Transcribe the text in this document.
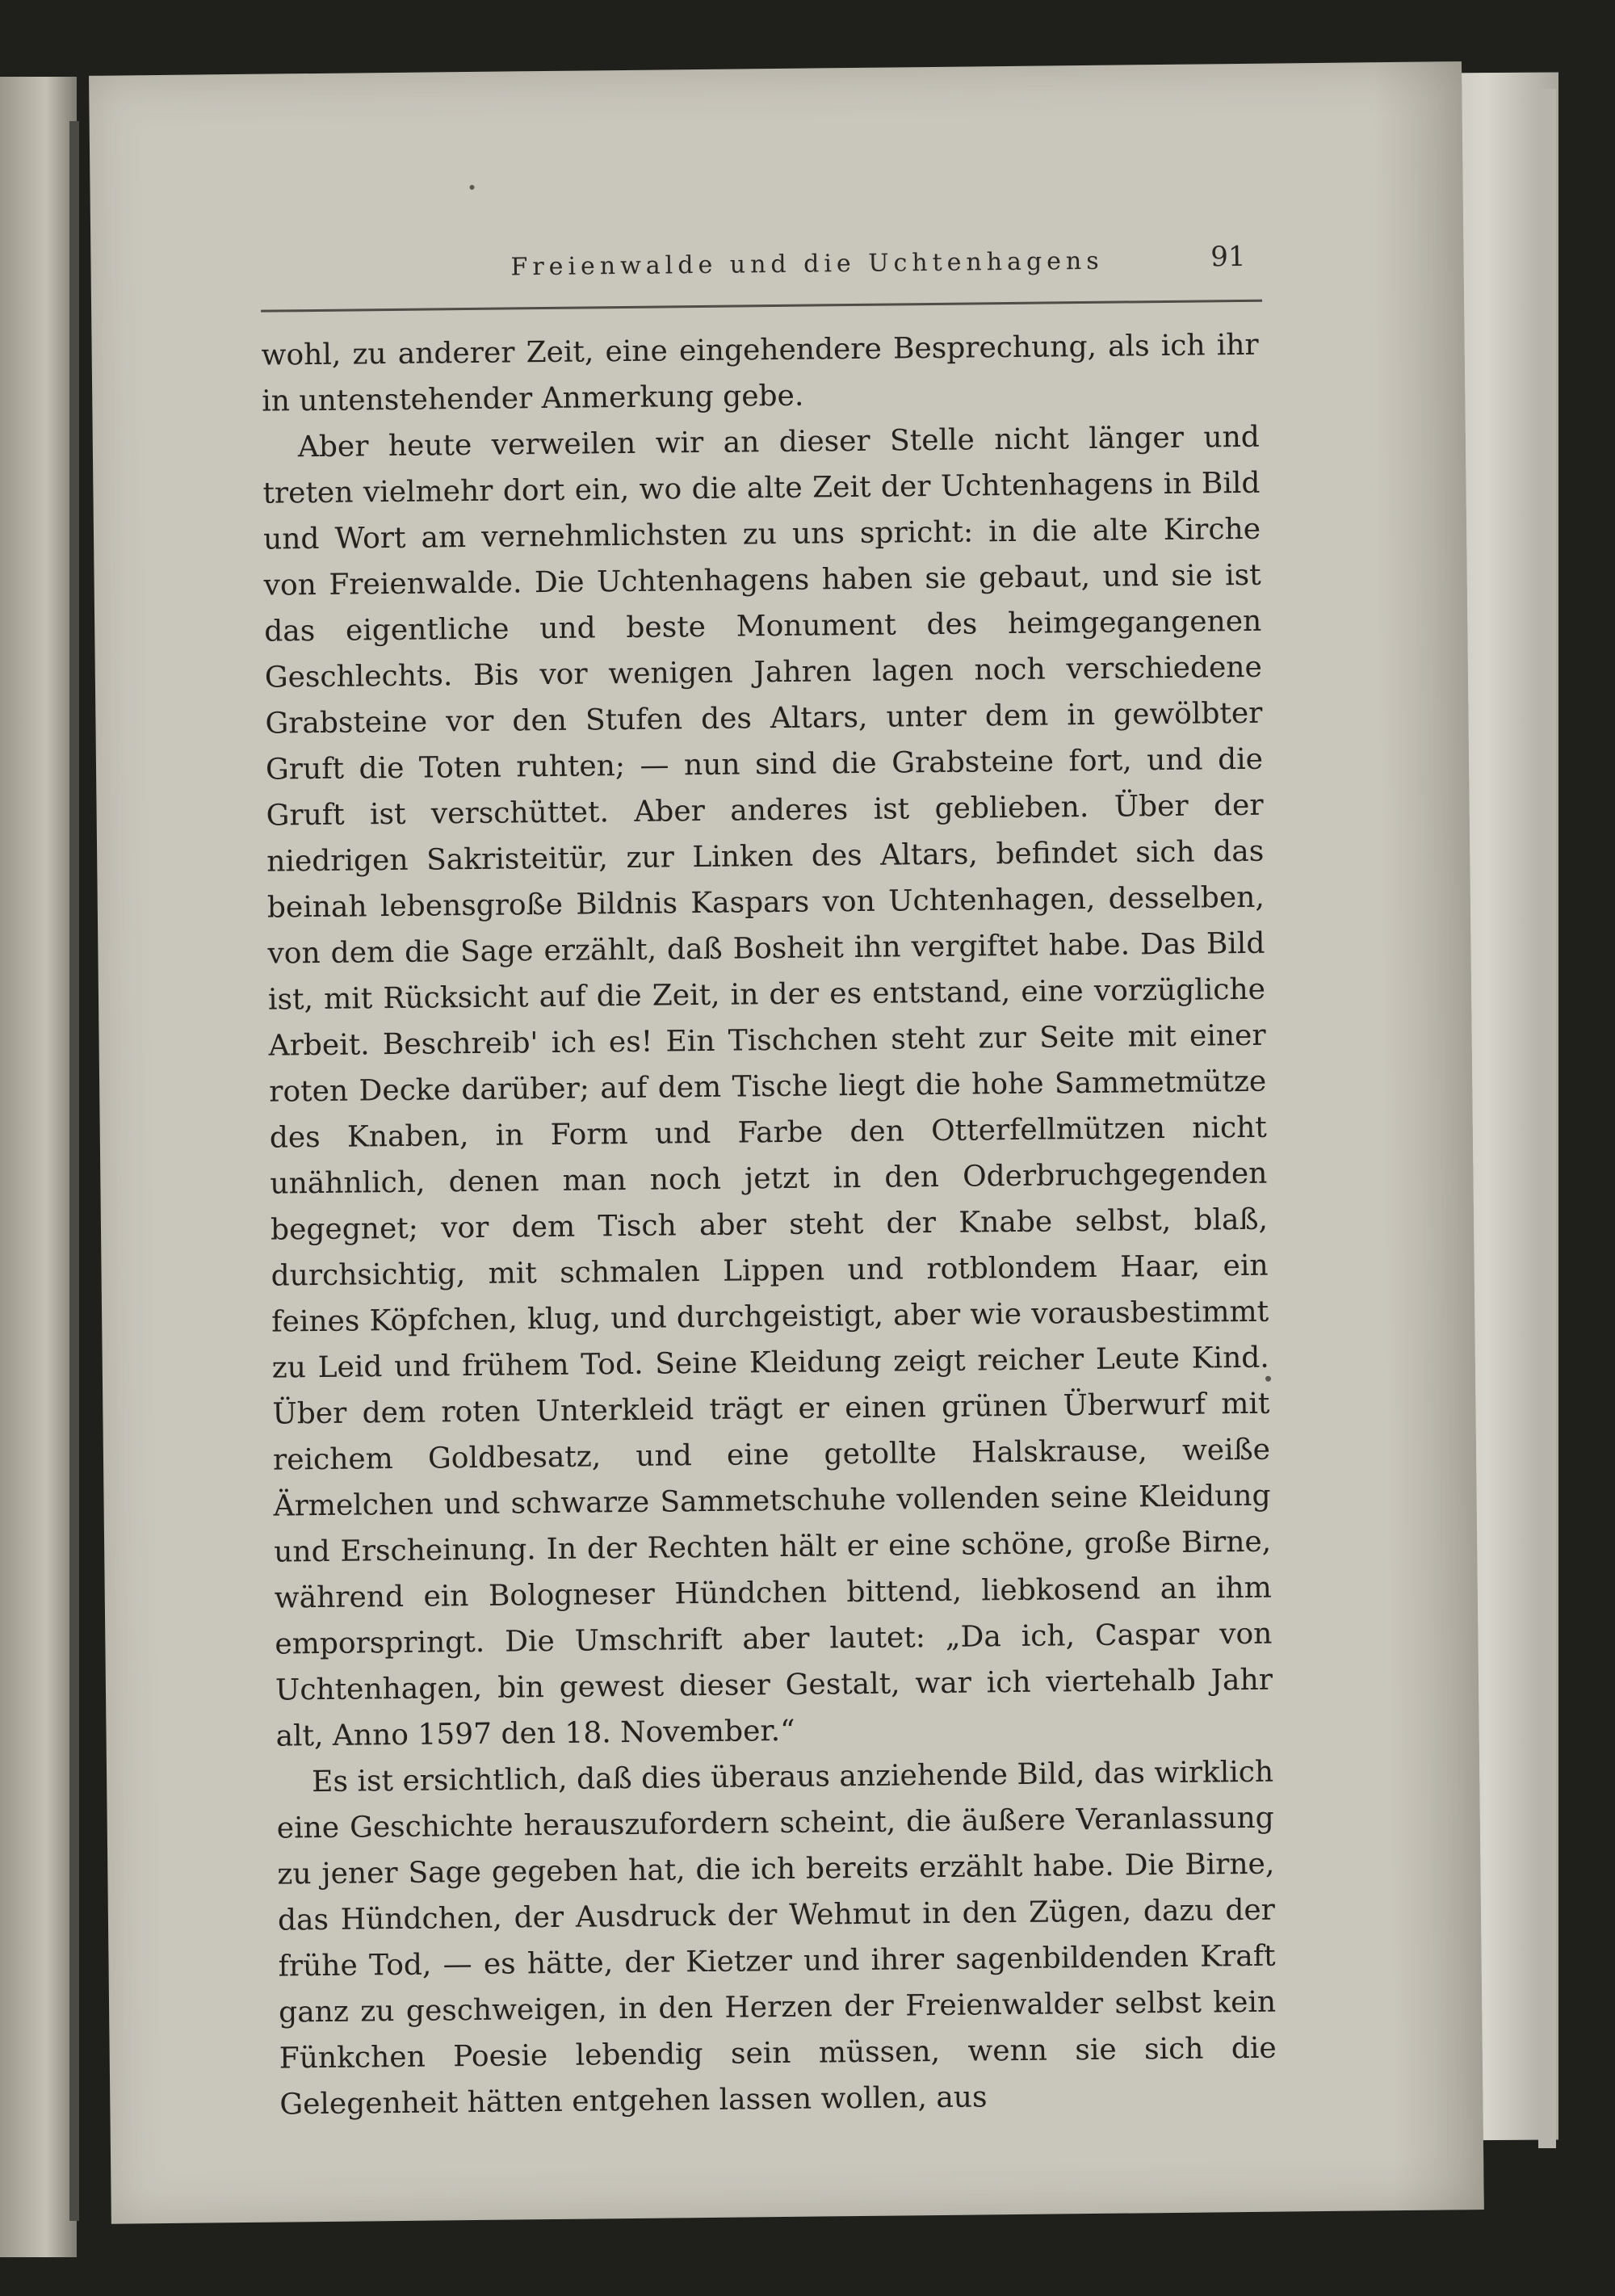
Freienwalde und die Uchtenhagens	91

wohl, zu anderer Zeit, eine eingehendere Besprechung, als ich ihr in untenstehender Anmerkung gebe.

Aber heute verweilen wir an dieser Stelle nicht länger und treten vielmehr dort ein, wo die alte Zeit der Uchtenhagens in Bild und Wort am vernehmlichsten zu uns spricht: in die alte Kirche von Freienwalde. Die Uchtenhagens haben sie gebaut, und sie ist das eigentliche und beste Monument des heimgegangenen Geschlechts. Bis vor wenigen Jahren lagen noch verschiedene Grabsteine vor den Stufen des Altars, unter dem in gewölbter Gruft die Toten ruhten; — nun sind die Grabsteine fort, und die Gruft ist verschüttet. Aber anderes ist geblieben. Über der niedrigen Sakristeitür, zur Linken des Altars, befindet sich das beinah lebensgroße Bildnis Kaspars von Uchtenhagen, desselben, von dem die Sage erzählt, daß Bosheit ihn vergiftet habe. Das Bild ist, mit Rücksicht auf die Zeit, in der es entstand, eine vorzügliche Arbeit. Beschreib' ich es! Ein Tischchen steht zur Seite mit einer roten Decke darüber; auf dem Tische liegt die hohe Sammetmütze des Knaben, in Form und Farbe den Otterfellmützen nicht unähnlich, denen man noch jetzt in den Oderbruchgegenden begegnet; vor dem Tisch aber steht der Knabe selbst, blaß, durchsichtig, mit schmalen Lippen und rotblondem Haar, ein feines Köpfchen, klug, und durchgeistigt, aber wie vorausbestimmt zu Leid und frühem Tod. Seine Kleidung zeigt reicher Leute Kind. Über dem roten Unterkleid trägt er einen grünen Überwurf mit reichem Goldbesatz, und eine getollte Halskrause, weiße Ärmelchen und schwarze Sammetschuhe vollenden seine Kleidung und Erscheinung. In der Rechten hält er eine schöne, große Birne, während ein Bologneser Hündchen bittend, liebkosend an ihm emporspringt. Die Umschrift aber lautet: „Da ich, Caspar von Uchtenhagen, bin gewest dieser Gestalt, war ich viertehalb Jahr alt, Anno 1597 den 18. November.“

Es ist ersichtlich, daß dies überaus anziehende Bild, das wirklich eine Geschichte herauszufordern scheint, die äußere Veranlassung zu jener Sage gegeben hat, die ich bereits erzählt habe. Die Birne, das Hündchen, der Ausdruck der Wehmut in den Zügen, dazu der frühe Tod, — es hätte, der Kietzer und ihrer sagenbildenden Kraft ganz zu geschweigen, in den Herzen der Freienwalder selbst kein Fünkchen Poesie lebendig sein müssen, wenn sie sich die Gelegenheit hätten entgehen lassen wollen, aus
